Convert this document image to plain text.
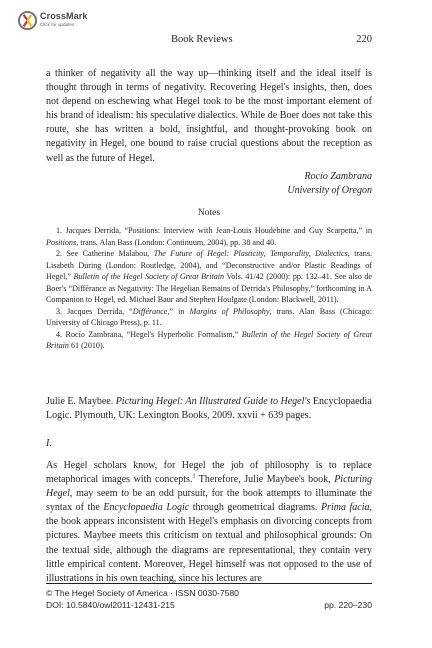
CrossMark
Click for updates
Book Reviews	220

a thinker of negativity all the way up—thinking itself and the ideal itself is thought through in terms of negativity. Recovering Hegel's insights, then, does not depend on eschewing what Hegel took to be the most important element of his brand of idealism: his speculative dialectics. While de Boer does not take this route, she has written a bold, insightful, and thought-provoking book on negativity in Hegel, one bound to raise crucial questions about the reception as well as the future of Hegel.

Rocío Zambrana
University of Oregon
Notes
1. Jacques Derrida, “Positions: Interview with Jean-Louis Houdebine and Guy Scarpetta,” in Positions, trans. Alan Bass (London: Continuum, 2004), pp. 38 and 40.
2. See Catherine Malabou, The Future of Hegel: Plasticity, Temporality, Dialectics, trans. Lisabeth During (London: Routledge, 2004), and “Deconstructive and/or Plastic Readings of Hegel,” Bulletin of the Hegel Society of Great Britain Vols. 41/42 (2000): pp. 132–41. See also de Boer's “Différance as Negativity: The Hegelian Remains of Derrida's Philosophy,” forthcoming in A Companion to Hegel, ed. Michael Baur and Stephen Houlgate (London: Blackwell, 2011).
3. Jacques Derrida, “Différance,” in Margins of Philosophy, trans. Alan Bass (Chicago: University of Chicago Press), p. 11.
4. Rocío Zambrana, “Hegel's Hyperbolic Formalism,” Bulletin of the Hegel Society of Great Britain 61 (2010).

Julie E. Maybee. Picturing Hegel: An Illustrated Guide to Hegel's Encyclopaedia Logic. Plymouth, UK: Lexington Books, 2009. xxvii + 639 pages.

I.

As Hegel scholars know, for Hegel the job of philosophy is to replace metaphorical images with concepts.$^1$ Therefore, Julie Maybee's book, Picturing Hegel, may seem to be an odd pursuit, for the book attempts to illuminate the syntax of the Encyclopaedia Logic through geometrical diagrams. Prima facia, the book appears inconsistent with Hegel's emphasis on divorcing concepts from pictures. Maybee meets this criticism on textual and philosophical grounds: On the textual side, although the diagrams are representational, they contain very little empirical content. Moreover, Hegel himself was not opposed to the use of illustrations in his own teaching, since his lectures are

© The Hegel Society of America · ISSN 0030-7580
DOI: 10.5840/owl2011-12431-215	pp. 220–230
